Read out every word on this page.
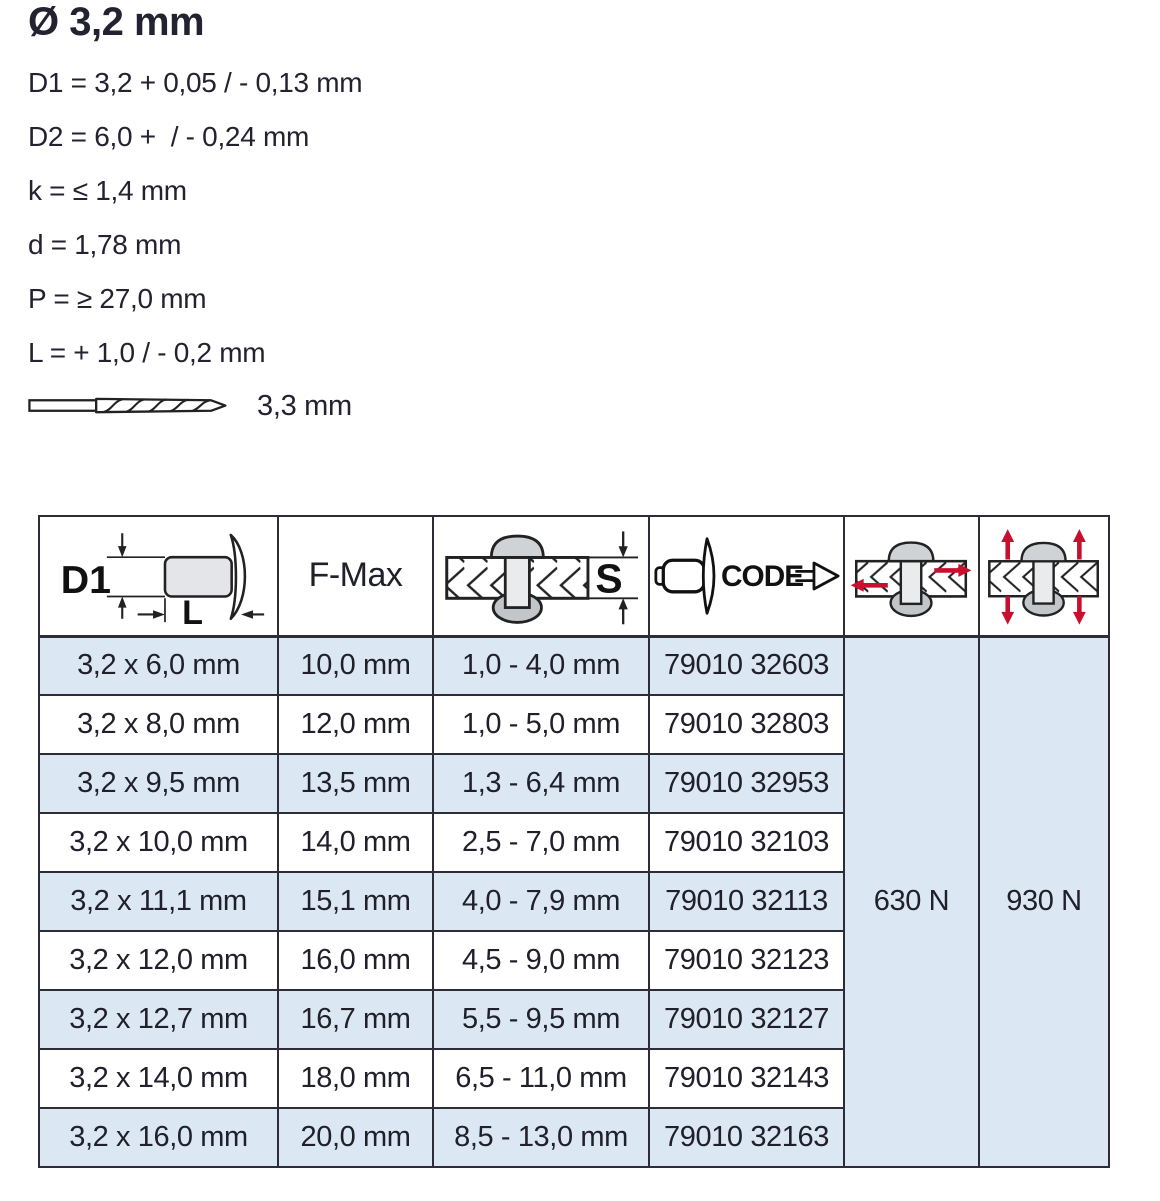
Ø 3,2 mm
D1 = 3,2 + 0,05 / - 0,13 mm
D2 = 6,0 +  / - 0,24 mm
k = ≤ 1,4 mm
d = 1,78 mm
P = ≥ 27,0 mm
L = + 1,0 / - 0,2 mm
3,3 mm
D1
L	F-Max	S	CODE

3,2 x 6,0 mm	10,0 mm	1,0 - 4,0 mm	79010 32603	630 N	930 N
3,2 x 8,0 mm	12,0 mm	1,0 - 5,0 mm	79010 32803		
3,2 x 9,5 mm	13,5 mm	1,3 - 6,4 mm	79010 32953		
3,2 x 10,0 mm	14,0 mm	2,5 - 7,0 mm	79010 32103		
3,2 x 11,1 mm	15,1 mm	4,0 - 7,9 mm	79010 32113		
3,2 x 12,0 mm	16,0 mm	4,5 - 9,0 mm	79010 32123		
3,2 x 12,7 mm	16,7 mm	5,5 - 9,5 mm	79010 32127		
3,2 x 14,0 mm	18,0 mm	6,5 - 11,0 mm	79010 32143		
3,2 x 16,0 mm	20,0 mm	8,5 - 13,0 mm	79010 32163		
